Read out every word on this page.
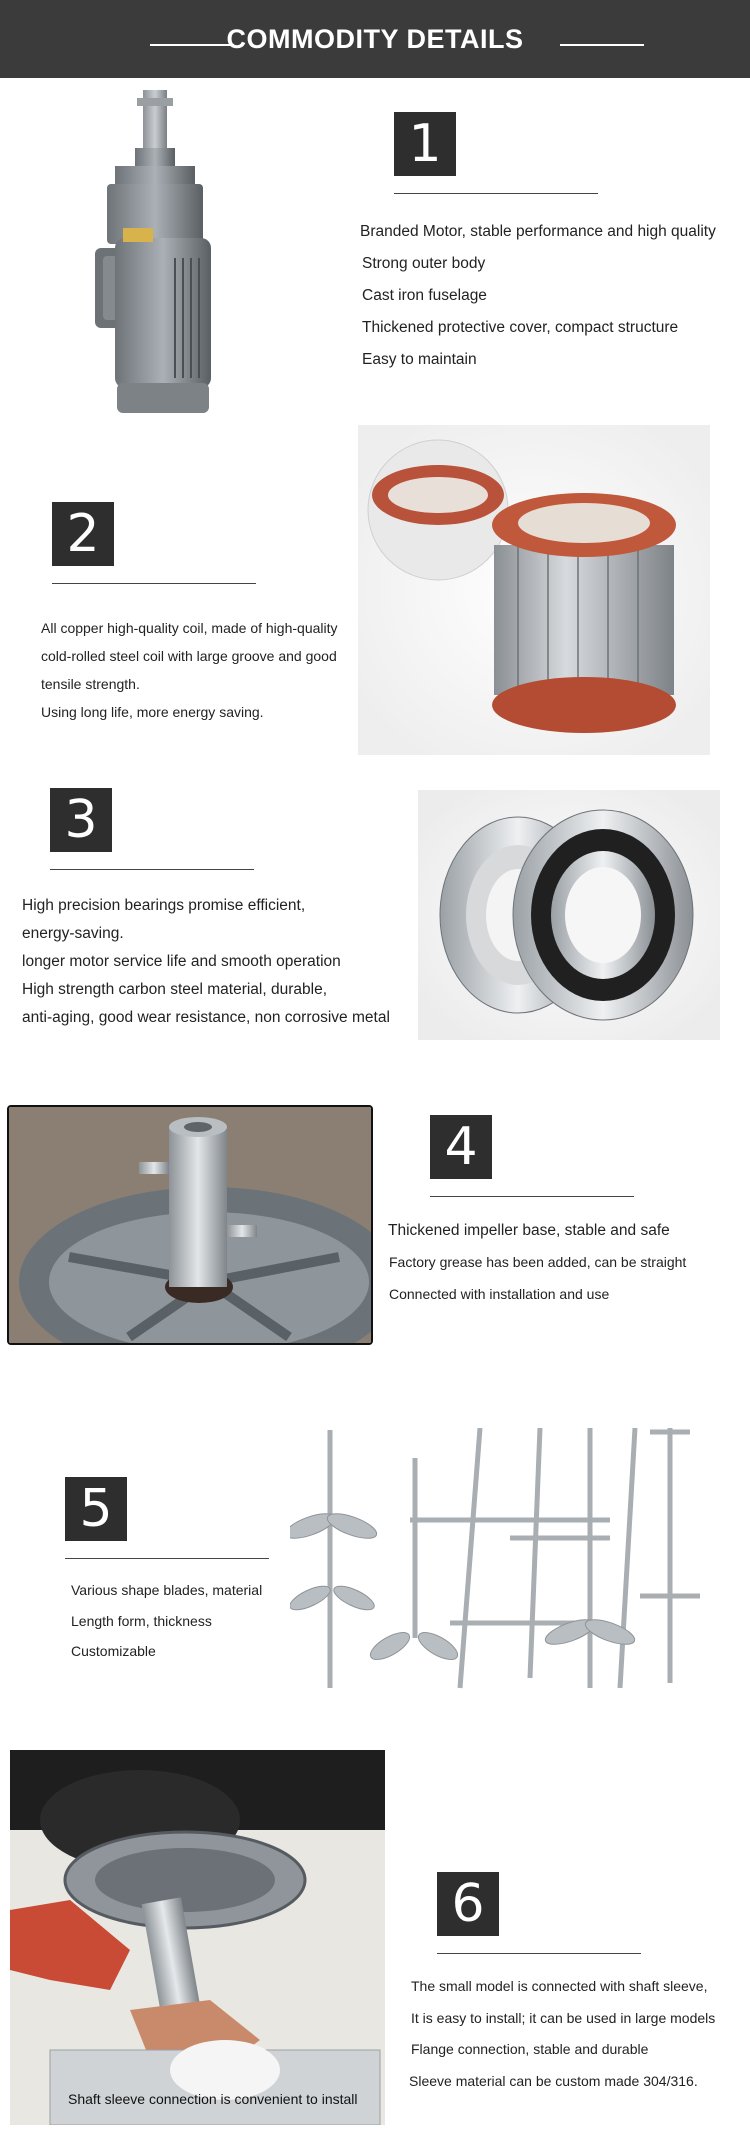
COMMODITY DETAILS
1
Branded Motor, stable performance and high quality
Strong outer body
Cast iron fuselage
Thickened protective cover, compact structure
Easy to maintain
2
All copper high-quality coil, made of high-quality
cold-rolled steel coil with large groove and good
tensile strength.
Using long life, more energy saving.
3
High precision bearings promise efficient,
energy-saving.
longer motor service life and smooth operation
High strength carbon steel material, durable,
anti-aging, good wear resistance, non corrosive metal
4
Thickened impeller base, stable and safe
Factory grease has been added, can be straight
Connected with installation and use
5
Various shape blades, material
Length form, thickness
Customizable
Shaft sleeve connection is convenient to install
6
The small model is connected with shaft sleeve,
It is easy to install; it can be used in large models
Flange connection, stable and durable
Sleeve material can be custom made 304/316.
